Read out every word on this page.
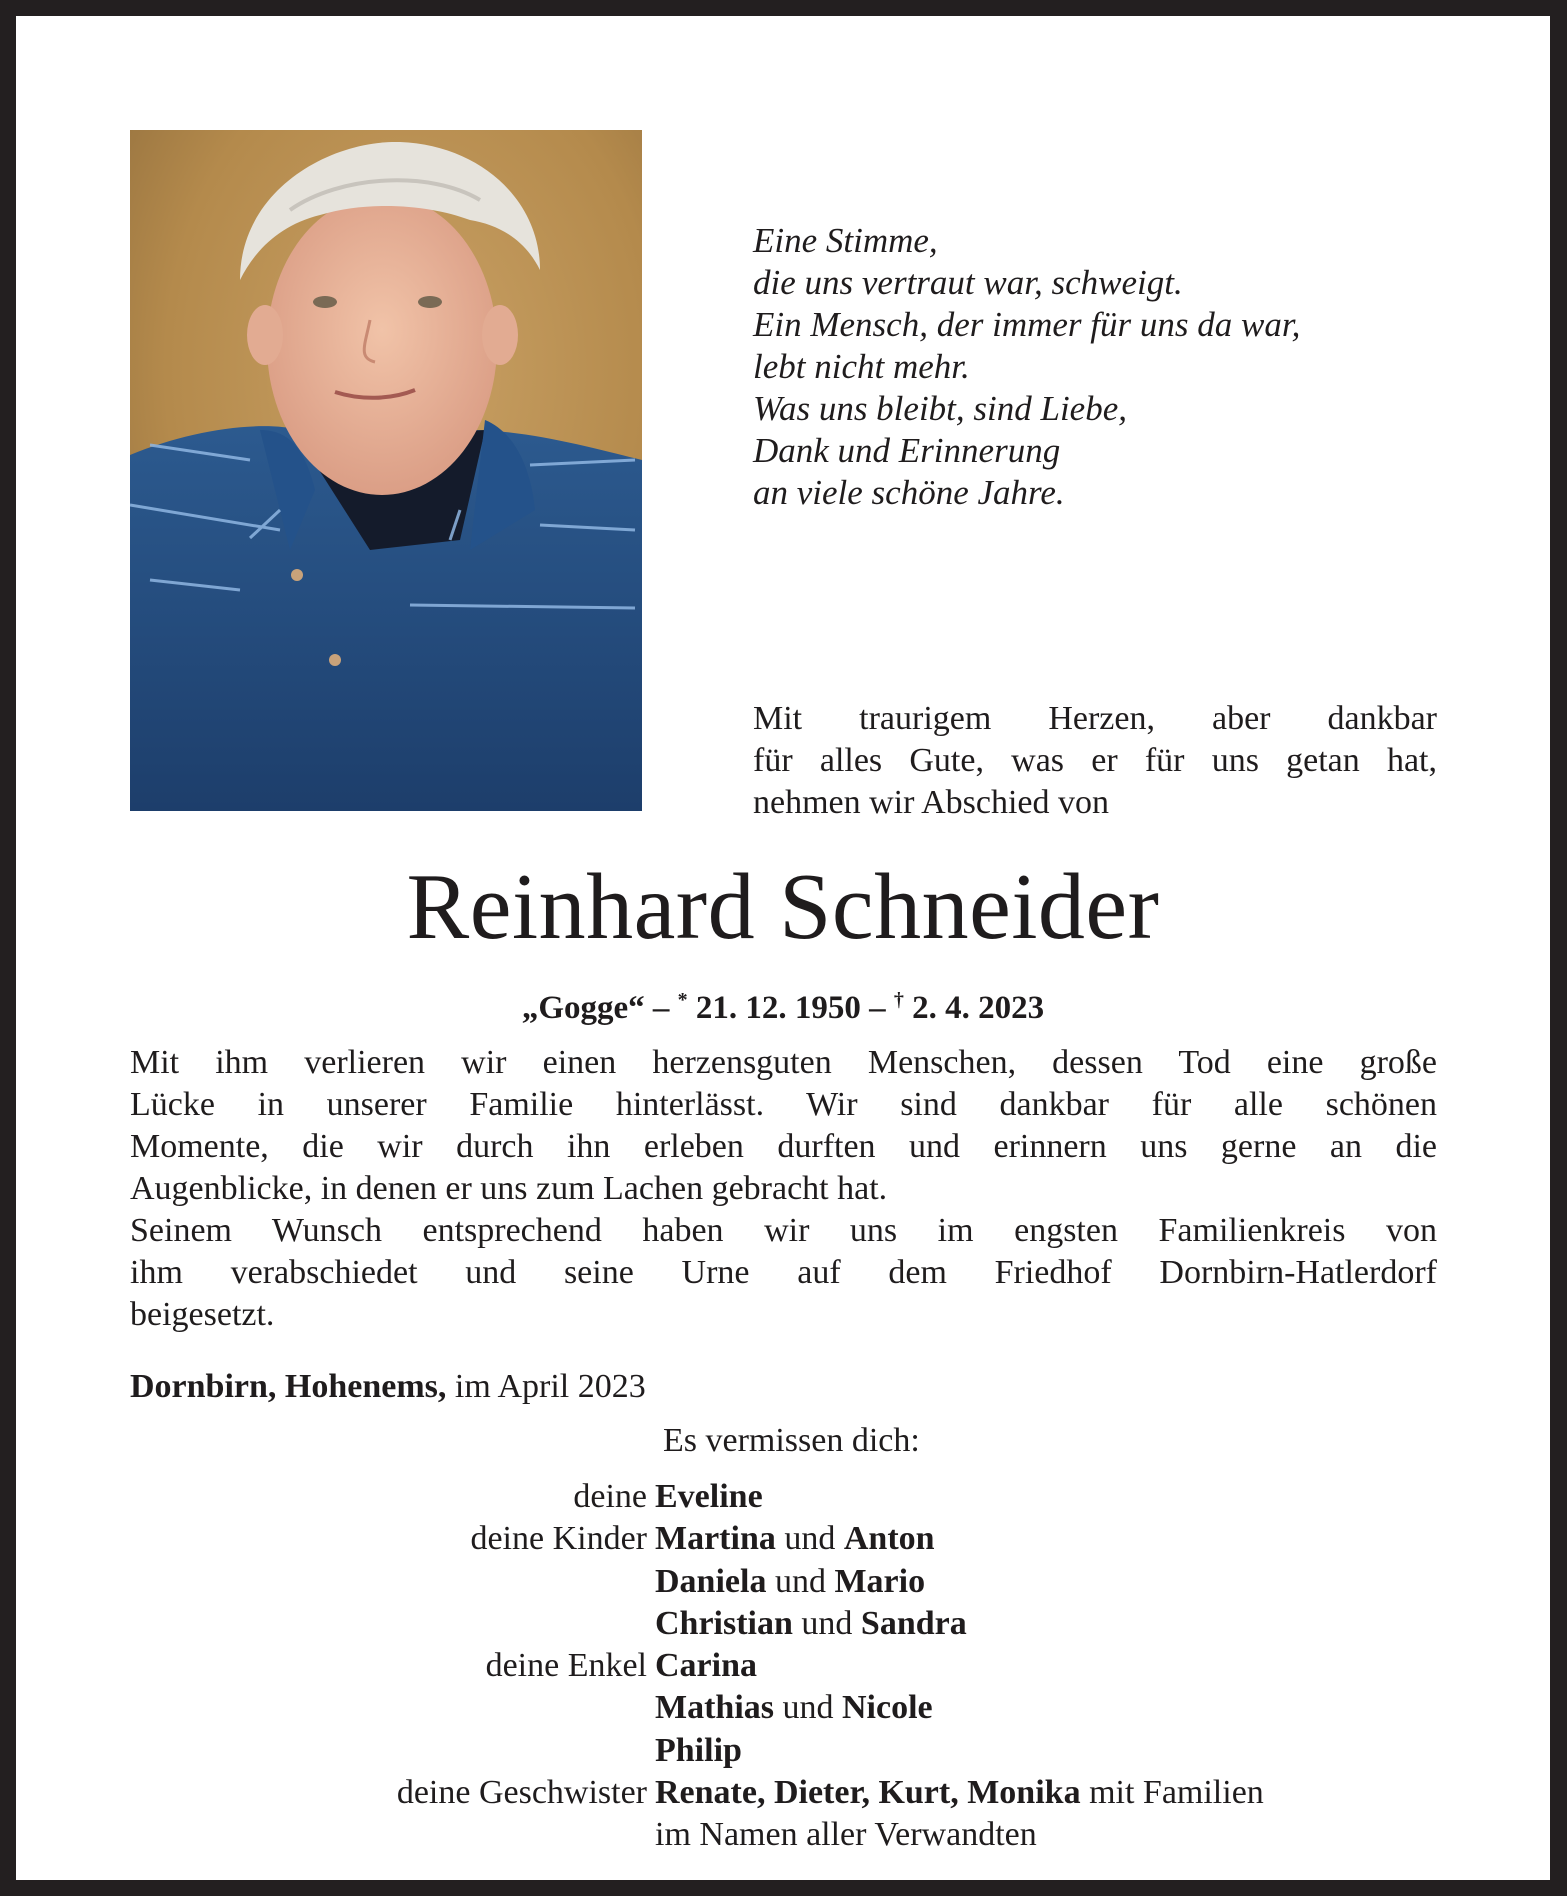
Eine Stimme,
die uns vertraut war, schweigt.
Ein Mensch, der immer für uns da war,
lebt nicht mehr.
Was uns bleibt, sind Liebe,
Dank und Erinnerung
an viele schöne Jahre.
Mit traurigem Herzen, aber dankbar
für alles Gute, was er für uns getan hat,
nehmen wir Abschied von
Reinhard Schneider
„Gogge“ – * 21. 12. 1950 – † 2. 4. 2023
Mit ihm verlieren wir einen herzensguten Menschen, dessen Tod eine große
Lücke in unserer Familie hinterlässt. Wir sind dankbar für alle schönen
Momente, die wir durch ihn erleben durften und erinnern uns gerne an die
Augenblicke, in denen er uns zum Lachen gebracht hat.
Seinem Wunsch entsprechend haben wir uns im engsten Familienkreis von
ihm verabschiedet und seine Urne auf dem Friedhof Dornbirn-Hatlerdorf
beigesetzt.
Dornbirn, Hohenems, im April 2023
Es vermissen dich:
deine Eveline
deine Kinder Martina und Anton
Daniela und Mario
Christian und Sandra
deine Enkel Carina
Mathias und Nicole
Philip
deine Geschwister Renate, Dieter, Kurt, Monika mit Familien
im Namen aller Verwandten
